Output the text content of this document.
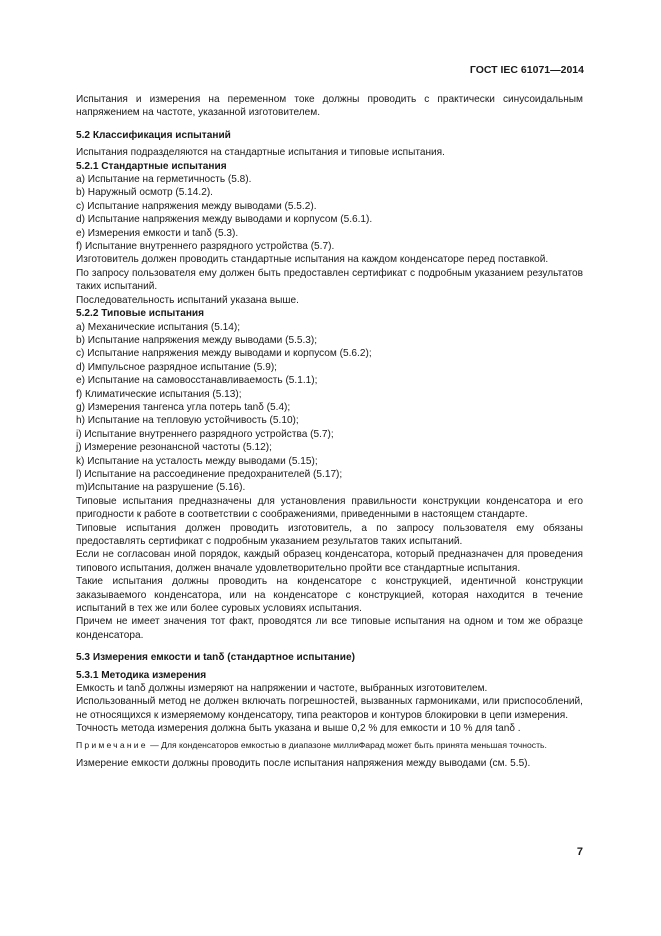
ГОСТ IEC 61071—2014

Испытания и измерения на переменном токе должны проводить с практически синусоидальным напряжением на частоте, указанной изготовителем.

5.2 Классификация испытаний

Испытания подразделяются на стандартные испытания и типовые испытания.

5.2.1 Стандартные испытания

a) Испытание на герметичность (5.8).

b) Наружный осмотр (5.14.2).

c) Испытание напряжения между выводами (5.5.2).

d) Испытание напряжения между выводами и корпусом (5.6.1).

e) Измерения емкости и tanδ (5.3).

f) Испытание внутреннего разрядного устройства (5.7).

Изготовитель должен проводить стандартные испытания на каждом конденсаторе перед поставкой.

По запросу пользователя ему должен быть предоставлен сертификат с подробным указанием результатов таких испытаний.

Последовательность испытаний указана выше.

5.2.2 Типовые испытания

a) Механические испытания (5.14);

b) Испытание напряжения между выводами (5.5.3);

c) Испытание напряжения между выводами и корпусом (5.6.2);

d) Импульсное разрядное испытание (5.9);

e) Испытание на самовосстанавливаемость (5.1.1);

f) Климатические испытания (5.13);

g) Измерения тангенса угла потерь tanδ (5.4);

h) Испытание на тепловую устойчивость (5.10);

i) Испытание внутреннего разрядного устройства (5.7);

j) Измерение резонансной частоты (5.12);

k) Испытание на усталость между выводами (5.15);

l) Испытание на рассоединение предохранителей (5.17);

m)Испытание на разрушение (5.16).

Типовые испытания предназначены для установления правильности конструкции конденсатора и его пригодности к работе в соответствии с соображениями, приведенными в настоящем стандарте.

Типовые испытания должен проводить изготовитель, а по запросу пользователя ему обязаны предоставлять сертификат с подробным указанием результатов таких испытаний.

Если не согласован иной порядок, каждый образец конденсатора, который предназначен для проведения типового испытания, должен вначале удовлетворительно пройти все стандартные испытания.

Такие испытания должны проводить на конденсаторе с конструкцией, идентичной конструкции заказываемого конденсатора, или на конденсаторе с конструкцией, которая находится в течение испытаний в тех же или более суровых условиях испытания.

Причем не имеет значения тот факт, проводятся ли все типовые испытания на одном и том же образце конденсатора.

5.3 Измерения емкости и tanδ (стандартное испытание)

5.3.1 Методика измерения

Емкость и tanδ должны измеряют на напряжении и частоте, выбранных изготовителем.

Использованный метод не должен включать погрешностей, вызванных гармониками, или приспособлений, не относящихся к измеряемому конденсатору, типа реакторов и контуров блокировки в цепи измерения.

Точность метода измерения должна быть указана и выше 0,2 % для емкости и 10 % для tanδ .

Примечание — Для конденсаторов емкостью в диапазоне миллиФарад может быть принята меньшая точность.

Измерение емкости должны проводить после испытания напряжения между выводами (см. 5.5).

7
